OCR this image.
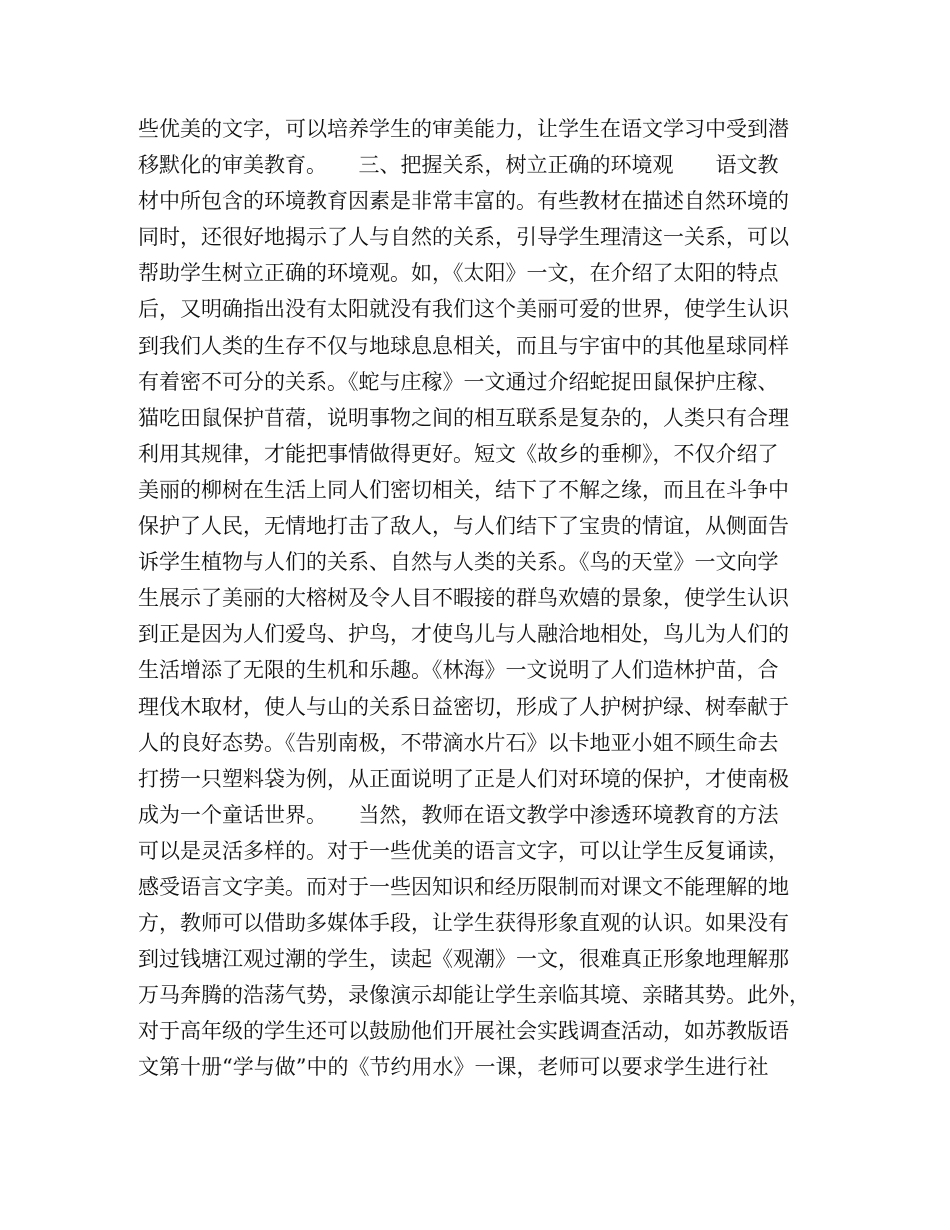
些优美的文字，可以培养学生的审美能力，让学生在语文学习中受到潜
移默化的审美教育。　　三、把握关系，树立正确的环境观　　语文教
材中所包含的环境教育因素是非常丰富的。有些教材在描述自然环境的
同时，还很好地揭示了人与自然的关系，引导学生理清这一关系，可以
帮助学生树立正确的环境观。如，《太阳》一文，在介绍了太阳的特点
后，又明确指出没有太阳就没有我们这个美丽可爱的世界，使学生认识
到我们人类的生存不仅与地球息息相关，而且与宇宙中的其他星球同样
有着密不可分的关系。《蛇与庄稼》一文通过介绍蛇捉田鼠保护庄稼、
猫吃田鼠保护苜蓿，说明事物之间的相互联系是复杂的，人类只有合理
利用其规律，才能把事情做得更好。短文《故乡的垂柳》，不仅介绍了
美丽的柳树在生活上同人们密切相关，结下了不解之缘，而且在斗争中
保护了人民，无情地打击了敌人，与人们结下了宝贵的情谊，从侧面告
诉学生植物与人们的关系、自然与人类的关系。《鸟的天堂》一文向学
生展示了美丽的大榕树及令人目不暇接的群鸟欢嬉的景象，使学生认识
到正是因为人们爱鸟、护鸟，才使鸟儿与人融洽地相处，鸟儿为人们的
生活增添了无限的生机和乐趣。《林海》一文说明了人们造林护苗，合
理伐木取材，使人与山的关系日益密切，形成了人护树护绿、树奉献于
人的良好态势。《告别南极，不带滴水片石》以卡地亚小姐不顾生命去
打捞一只塑料袋为例，从正面说明了正是人们对环境的保护，才使南极
成为一个童话世界。　　当然，教师在语文教学中渗透环境教育的方法
可以是灵活多样的。对于一些优美的语言文字，可以让学生反复诵读，
感受语言文字美。而对于一些因知识和经历限制而对课文不能理解的地
方，教师可以借助多媒体手段，让学生获得形象直观的认识。如果没有
到过钱塘江观过潮的学生，读起《观潮》一文，很难真正形象地理解那
万马奔腾的浩荡气势，录像演示却能让学生亲临其境、亲睹其势。此外，
对于高年级的学生还可以鼓励他们开展社会实践调查活动，如苏教版语
文第十册“学与做”中的《节约用水》一课，老师可以要求学生进行社
